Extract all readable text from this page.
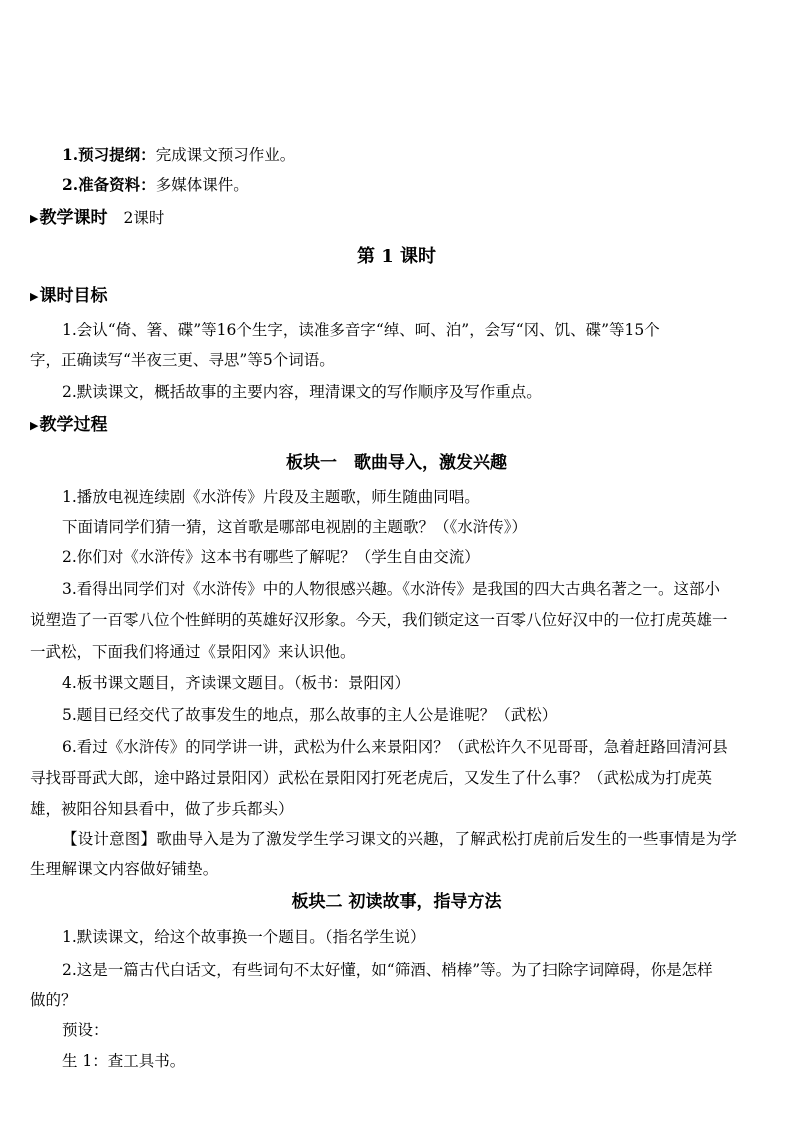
1.预习提纲：完成课文预习作业。
2.准备资料：多媒体课件。
▶教学课时 2课时
第 1 课时
▶课时目标
1.会认“倚、箸、碟”等16个生字，读准多音字“绰、呵、泊”，会写“冈、饥、碟”等15个
字，正确读写“半夜三更、寻思”等5个词语。
2.默读课文，概括故事的主要内容，理清课文的写作顺序及写作重点。
▶教学过程
板块一　歌曲导入，激发兴趣
1.播放电视连续剧《水浒传》片段及主题歌，师生随曲同唱。
下面请同学们猜一猜，这首歌是哪部电视剧的主题歌？（《水浒传》）
2.你们对《水浒传》这本书有哪些了解呢？（学生自由交流）
3.看得出同学们对《水浒传》中的人物很感兴趣。《水浒传》是我国的四大古典名著之一。这部小
说塑造了一百零八位个性鲜明的英雄好汉形象。今天，我们锁定这一百零八位好汉中的一位打虎英雄一
一武松，下面我们将通过《景阳冈》来认识他。
4.板书课文题目，齐读课文题目。（板书：景阳冈）
5.题目已经交代了故事发生的地点，那么故事的主人公是谁呢？（武松）
6.看过《水浒传》的同学讲一讲，武松为什么来景阳冈？（武松许久不见哥哥，急着赶路回清河县
寻找哥哥武大郎，途中路过景阳冈）武松在景阳冈打死老虎后，又发生了什么事？（武松成为打虎英
雄，被阳谷知县看中，做了步兵都头）
【设计意图】歌曲导入是为了激发学生学习课文的兴趣，了解武松打虎前后发生的一些事情是为学
生理解课文内容做好铺垫。
板块二 初读故事，指导方法
1.默读课文，给这个故事换一个题目。（指名学生说）
2.这是一篇古代白话文，有些词句不太好懂，如“筛酒、梢棒”等。为了扫除字词障碍，你是怎样
做的？
预设：
生 1：查工具书。
